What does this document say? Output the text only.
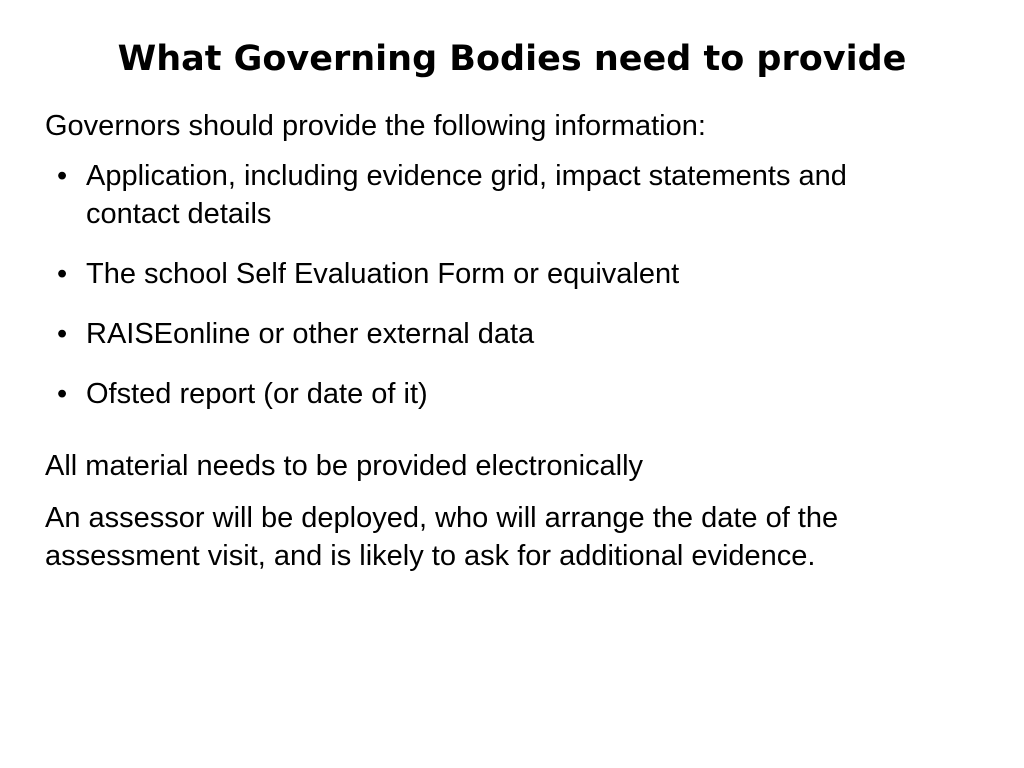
What Governing Bodies need to provide

Governors should provide the following information:

• Application, including evidence grid, impact statements and contact details
• The school Self Evaluation Form or equivalent
• RAISEonline or other external data
• Ofsted report (or date of it)

All material needs to be provided electronically

An assessor will be deployed, who will arrange the date of the assessment visit, and is likely to ask for additional evidence.
